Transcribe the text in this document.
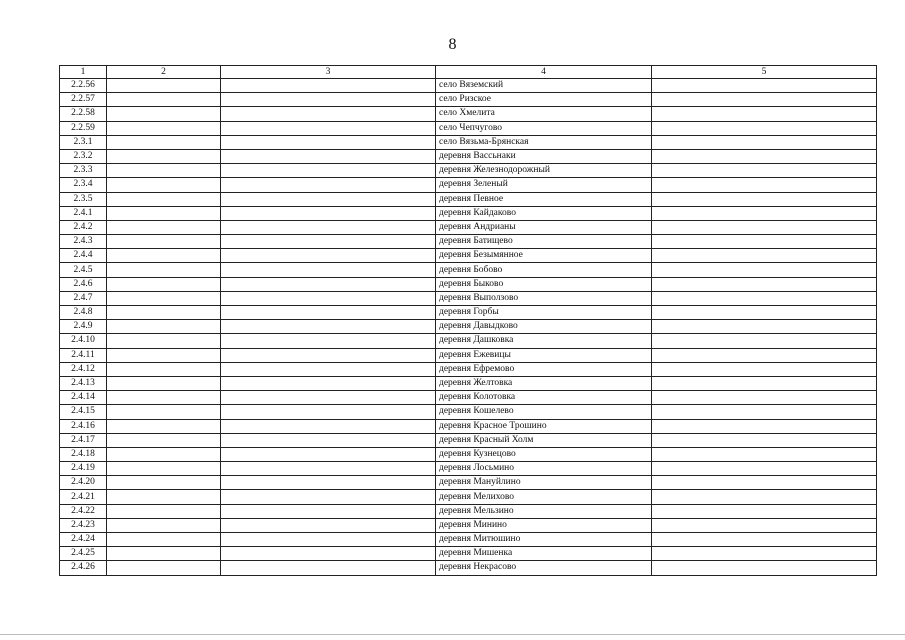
8
1	2	3	4	5
2.2.56			село Вяземский	
2.2.57			село Ризское	
2.2.58			село Хмелита	
2.2.59			село Чепчугово	
2.3.1			село Вязьма-Брянская	
2.3.2			деревня Вассьнаки	
2.3.3			деревня Железнодорожный	
2.3.4			деревня Зеленый	
2.3.5			деревня Певное	
2.4.1			деревня Кайдаково	
2.4.2			деревня Андрианы	
2.4.3			деревня Батищево	
2.4.4			деревня Безымянное	
2.4.5			деревня Бобово	
2.4.6			деревня Быково	
2.4.7			деревня Выползово	
2.4.8			деревня Горбы	
2.4.9			деревня Давыдково	
2.4.10			деревня Дашковка	
2.4.11			деревня Ежевицы	
2.4.12			деревня Ефремово	
2.4.13			деревня Желтовка	
2.4.14			деревня Колотовка	
2.4.15			деревня Кошелево	
2.4.16			деревня Красное Трошино	
2.4.17			деревня Красный Холм	
2.4.18			деревня Кузнецово	
2.4.19			деревня Лосьмино	
2.4.20			деревня Мануйлино	
2.4.21			деревня Мелихово	
2.4.22			деревня Мельзино	
2.4.23			деревня Минино	
2.4.24			деревня Митюшино	
2.4.25			деревня Мишенка	
2.4.26			деревня Некрасово	
